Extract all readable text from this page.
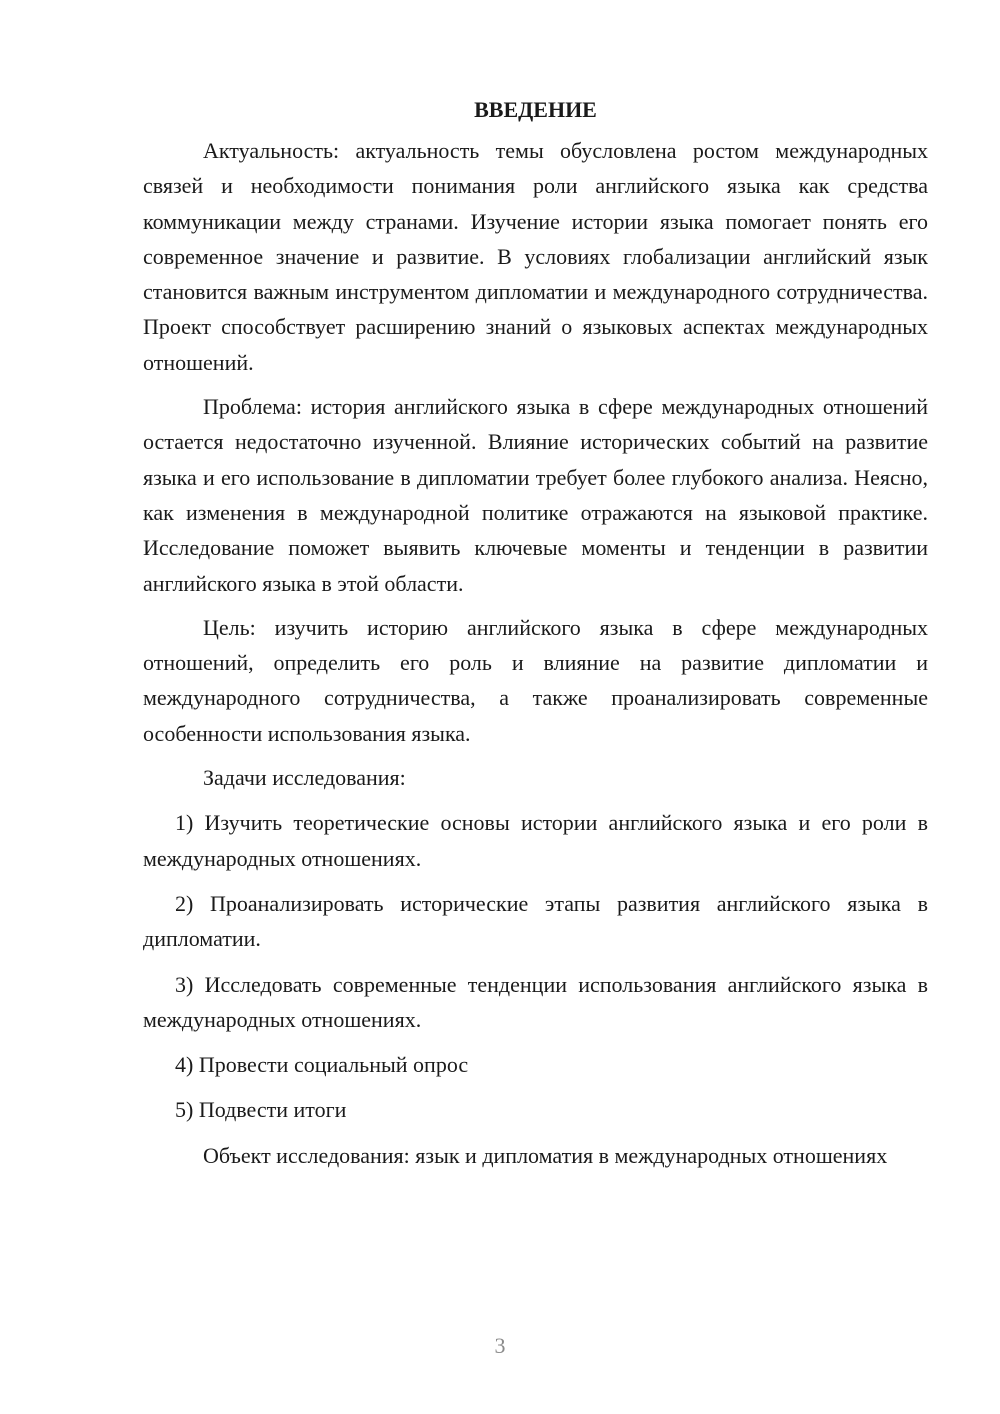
ВВЕДЕНИЕ

Актуальность: актуальность темы обусловлена ростом международных связей и необходимости понимания роли английского языка как средства коммуникации между странами. Изучение истории языка помогает понять его современное значение и развитие. В условиях глобализации английский язык становится важным инструментом дипломатии и международного сотрудничества. Проект способствует расширению знаний о языковых аспектах международных отношений.

Проблема: история английского языка в сфере международных отношений остается недостаточно изученной. Влияние исторических событий на развитие языка и его использование в дипломатии требует более глубокого анализа. Неясно, как изменения в международной политике отражаются на языковой практике. Исследование поможет выявить ключевые моменты и тенденции в развитии английского языка в этой области.

Цель: изучить историю английского языка в сфере международных отношений, определить его роль и влияние на развитие дипломатии и международного сотрудничества, а также проанализировать современные особенности использования языка.

Задачи исследования:

1) Изучить теоретические основы истории английского языка и его роли в международных отношениях.

2) Проанализировать исторические этапы развития английского языка в дипломатии.

3) Исследовать современные тенденции использования английского языка в международных отношениях.

4) Провести социальный опрос

5) Подвести итоги

Объект исследования: язык и дипломатия в международных отношениях

3
